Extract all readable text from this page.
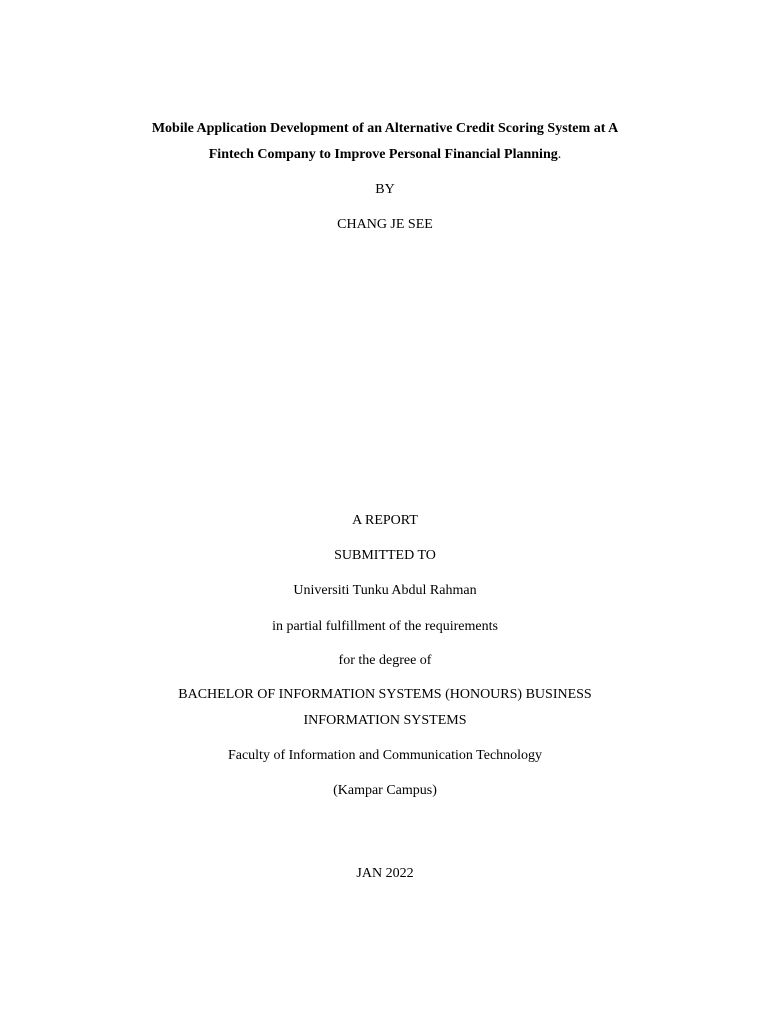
Mobile Application Development of an Alternative Credit Scoring System at A
Fintech Company to Improve Personal Financial Planning.
BY
CHANG JE SEE
A REPORT
SUBMITTED TO
Universiti Tunku Abdul Rahman
in partial fulfillment of the requirements
for the degree of
BACHELOR OF INFORMATION SYSTEMS (HONOURS) BUSINESS
INFORMATION SYSTEMS
Faculty of Information and Communication Technology
(Kampar Campus)
JAN 2022
